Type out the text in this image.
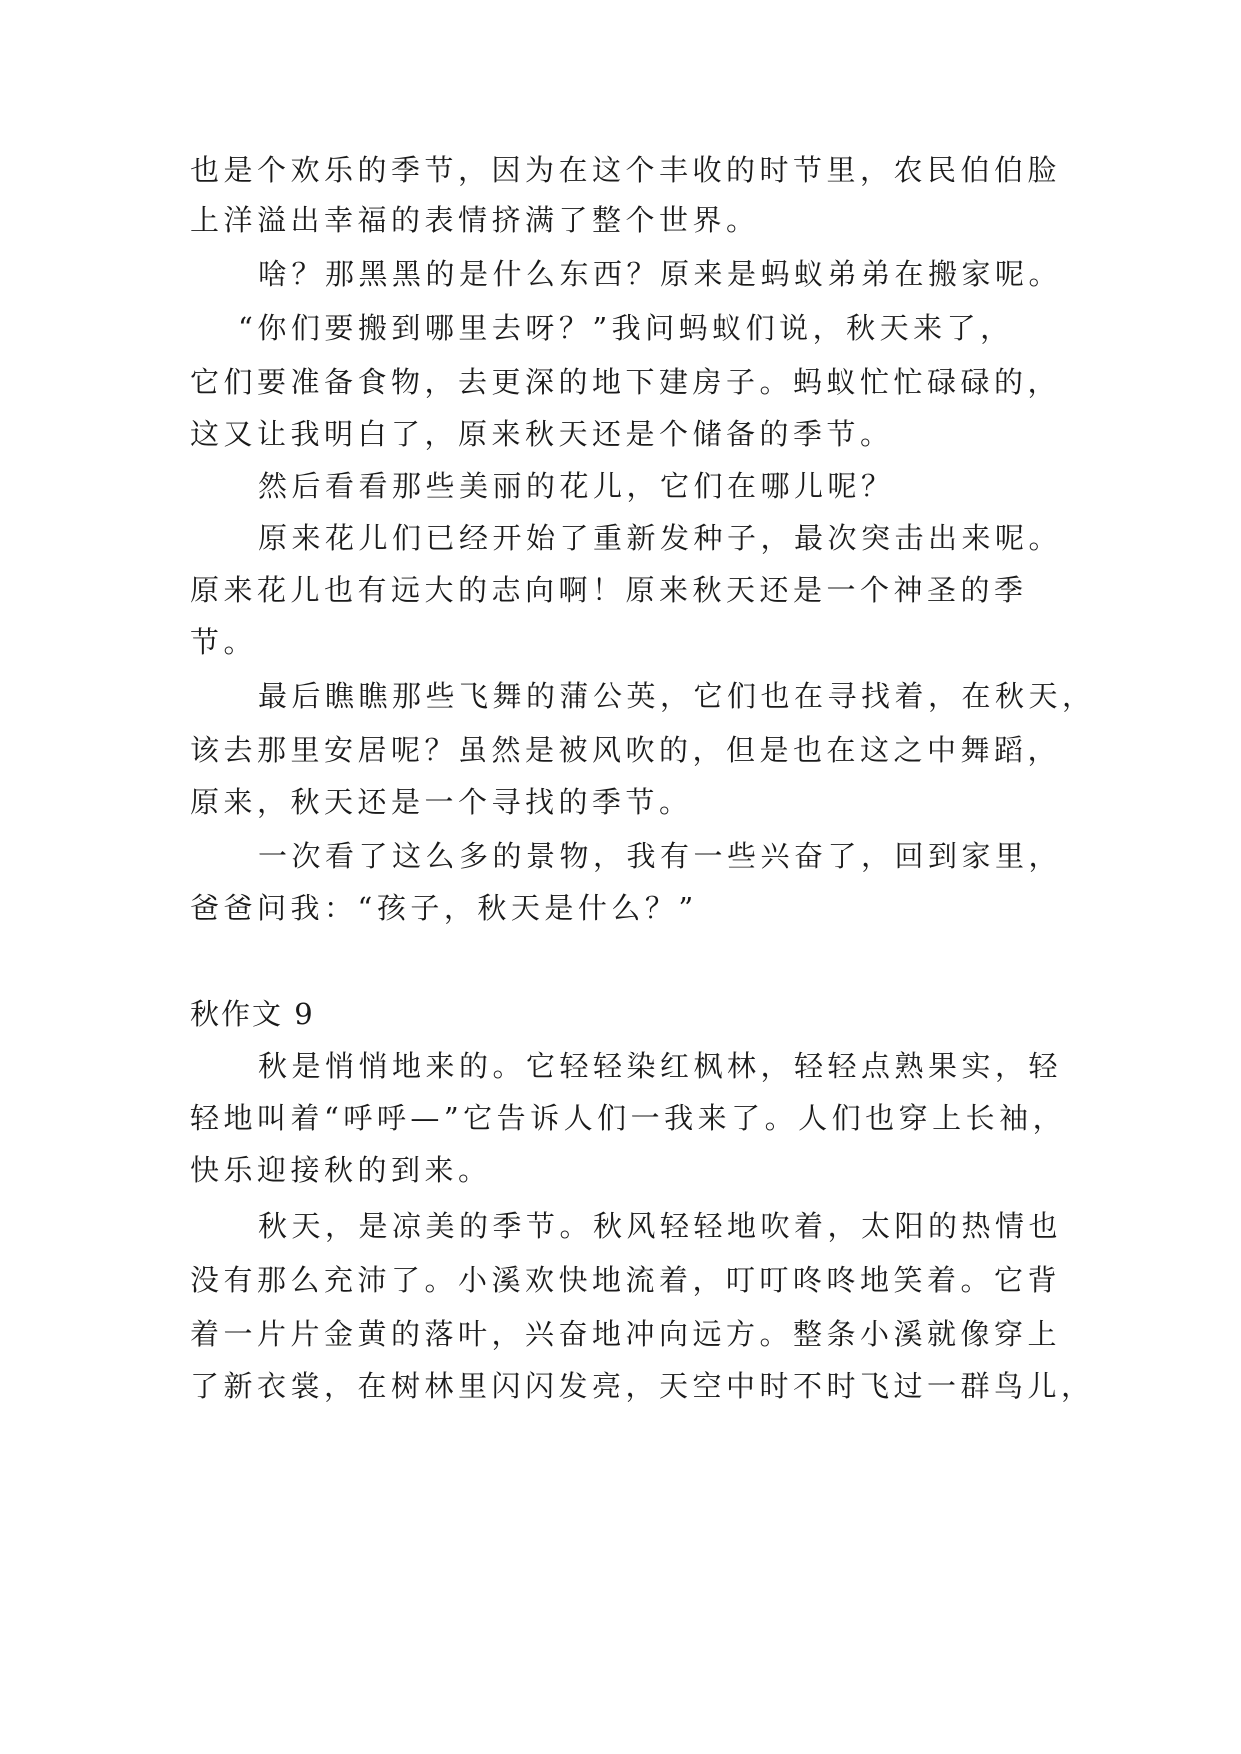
也是个欢乐的季节，因为在这个丰收的时节里，农民伯伯脸
上洋溢出幸福的表情挤满了整个世界。
啥？那黑黑的是什么东西？原来是蚂蚁弟弟在搬家呢。
“你们要搬到哪里去呀？”我问蚂蚁们说，秋天来了，
它们要准备食物，去更深的地下建房子。蚂蚁忙忙碌碌的，
这又让我明白了，原来秋天还是个储备的季节。
然后看看那些美丽的花儿，它们在哪儿呢？
原来花儿们已经开始了重新发种子，最次突击出来呢。
原来花儿也有远大的志向啊！原来秋天还是一个神圣的季
节。
最后瞧瞧那些飞舞的蒲公英，它们也在寻找着，在秋天，
该去那里安居呢？虽然是被风吹的，但是也在这之中舞蹈，
原来，秋天还是一个寻找的季节。
一次看了这么多的景物，我有一些兴奋了，回到家里，
爸爸问我：“孩子，秋天是什么？”
秋作文 9
秋是悄悄地来的。它轻轻染红枫林，轻轻点熟果实，轻
轻地叫着“呼呼—”它告诉人们一我来了。人们也穿上长袖，
快乐迎接秋的到来。
秋天，是凉美的季节。秋风轻轻地吹着，太阳的热情也
没有那么充沛了。小溪欢快地流着，叮叮咚咚地笑着。它背
着一片片金黄的落叶，兴奋地冲向远方。整条小溪就像穿上
了新衣裳，在树林里闪闪发亮，天空中时不时飞过一群鸟儿，
